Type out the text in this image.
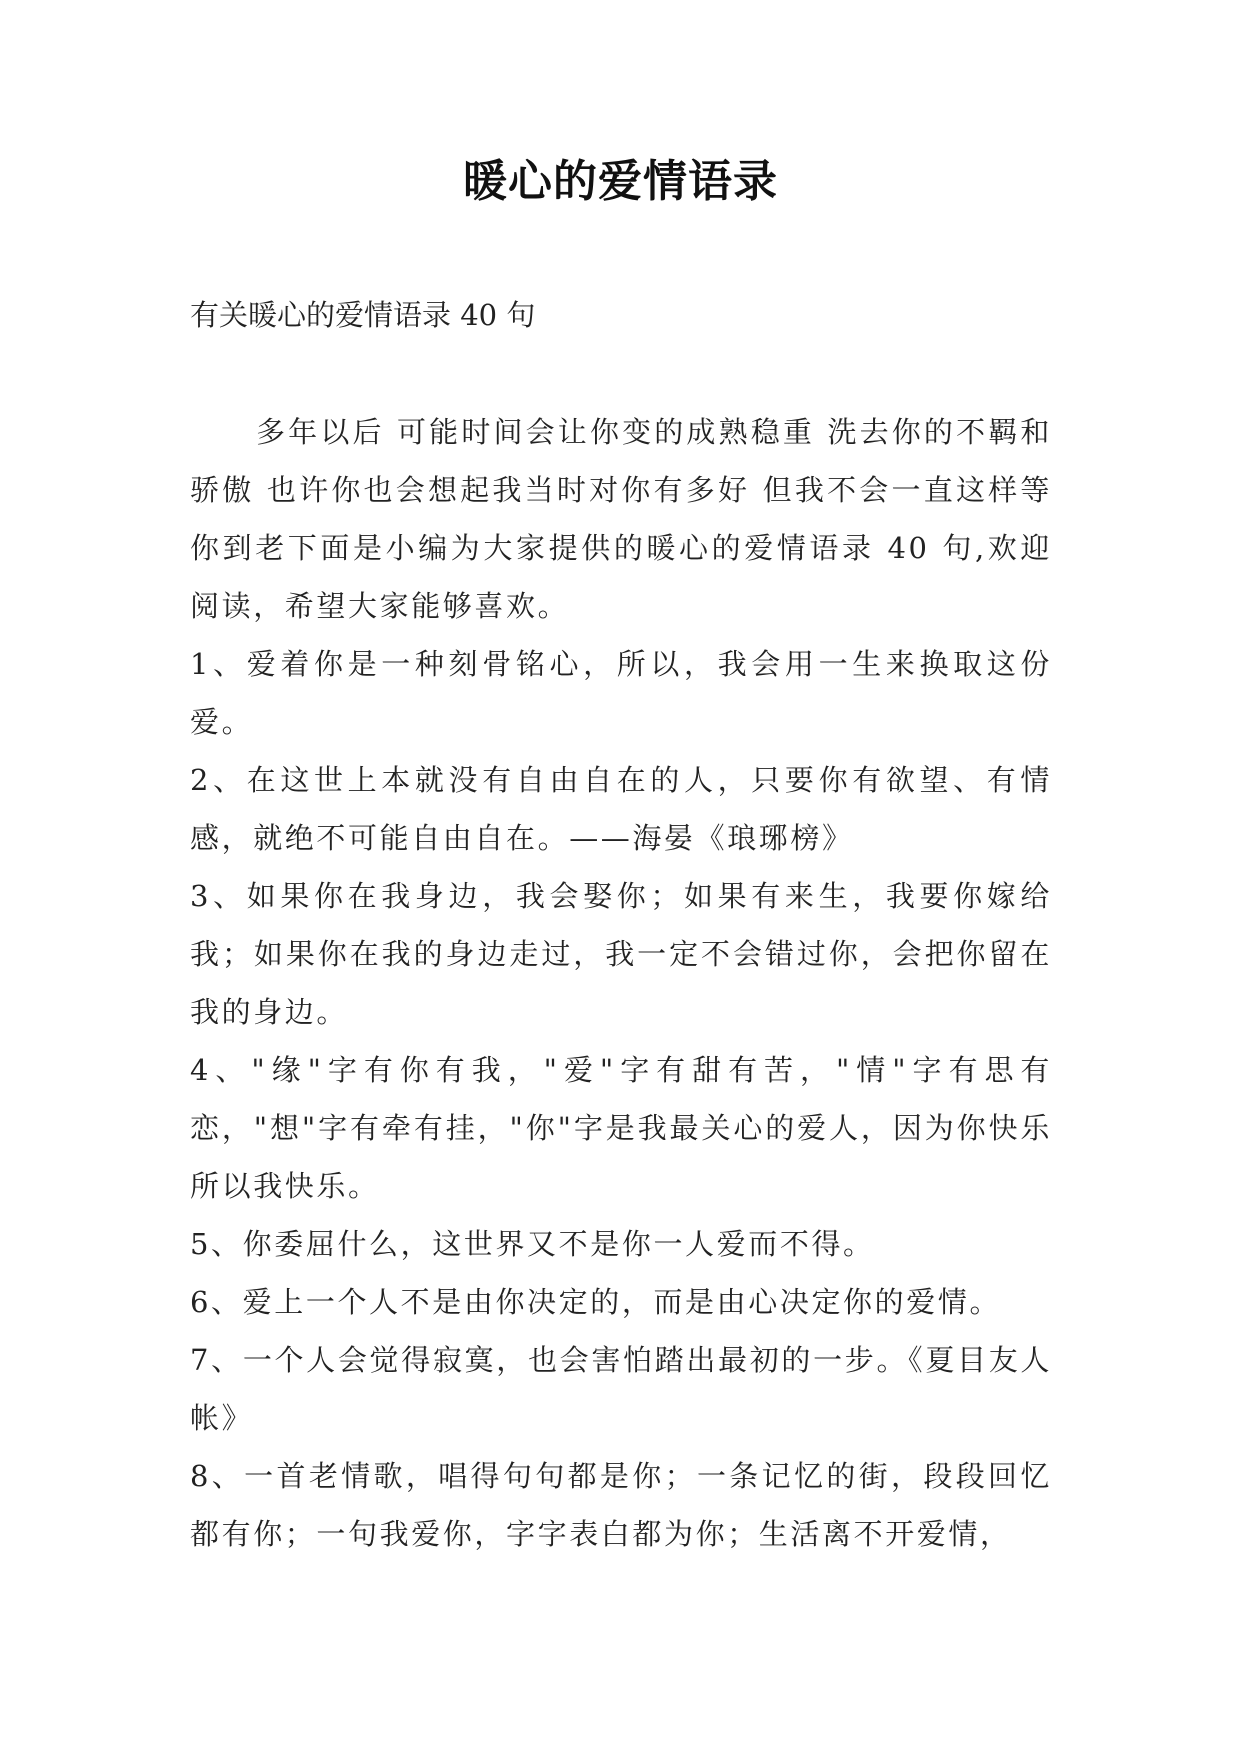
暖心的爱情语录
有关暖心的爱情语录 40 句

多年以后 可能时间会让你变的成熟稳重 洗去你的不羁和骄傲 也许你也会想起我当时对你有多好 但我不会一直这样等你到老下面是小编为大家提供的暖心的爱情语录 40 句,欢迎阅读，希望大家能够喜欢。

1、爱着你是一种刻骨铭心，所以，我会用一生来换取这份爱。

2、在这世上本就没有自由自在的人，只要你有欲望、有情感，就绝不可能自由自在。——海晏《琅琊榜》

3、如果你在我身边，我会娶你；如果有来生，我要你嫁给我；如果你在我的身边走过，我一定不会错过你，会把你留在我的身边。

4、"缘"字有你有我，"爱"字有甜有苦，"情"字有思有恋，"想"字有牵有挂，"你"字是我最关心的爱人，因为你快乐所以我快乐。

5、你委屈什么，这世界又不是你一人爱而不得。

6、爱上一个人不是由你决定的，而是由心决定你的爱情。

7、一个人会觉得寂寞，也会害怕踏出最初的一步。《夏目友人帐》

8、一首老情歌，唱得句句都是你；一条记忆的街，段段回忆都有你；一句我爱你，字字表白都为你；生活离不开爱情，
